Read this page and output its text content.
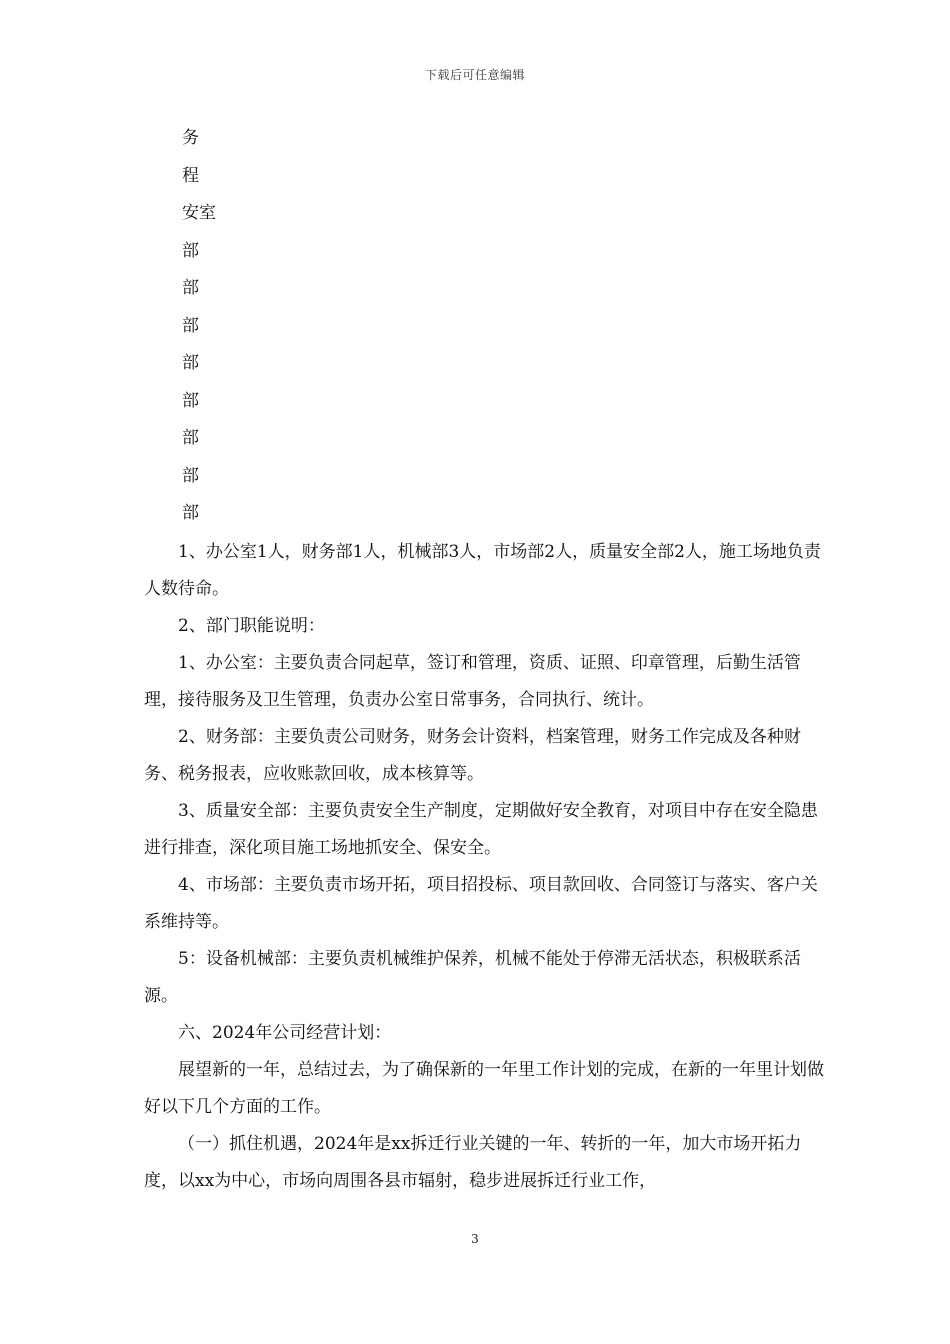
下载后可任意编辑
务
程
安室
部
部
部
部
部
部
部
部

1、办公室1人，财务部1人，机械部3人，市场部2人，质量安全部2人，施工场地负责人数待命。

2、部门职能说明：

1、办公室：主要负责合同起草，签订和管理，资质、证照、印章管理，后勤生活管理，接待服务及卫生管理，负责办公室日常事务，合同执行、统计。

2、财务部：主要负责公司财务，财务会计资料，档案管理，财务工作完成及各种财务、税务报表，应收账款回收，成本核算等。

3、质量安全部：主要负责安全生产制度，定期做好安全教育，对项目中存在安全隐患进行排查，深化项目施工场地抓安全、保安全。

4、市场部：主要负责市场开拓，项目招投标、项目款回收、合同签订与落实、客户关系维持等。

5：设备机械部：主要负责机械维护保养，机械不能处于停滞无活状态，积极联系活源。

六、2024年公司经营计划：

展望新的一年，总结过去，为了确保新的一年里工作计划的完成，在新的一年里计划做好以下几个方面的工作。

（一）抓住机遇，2024年是xx拆迁行业关键的一年、转折的一年，加大市场开拓力度，以xx为中心，市场向周围各县市辐射，稳步进展拆迁行业工作，

3
